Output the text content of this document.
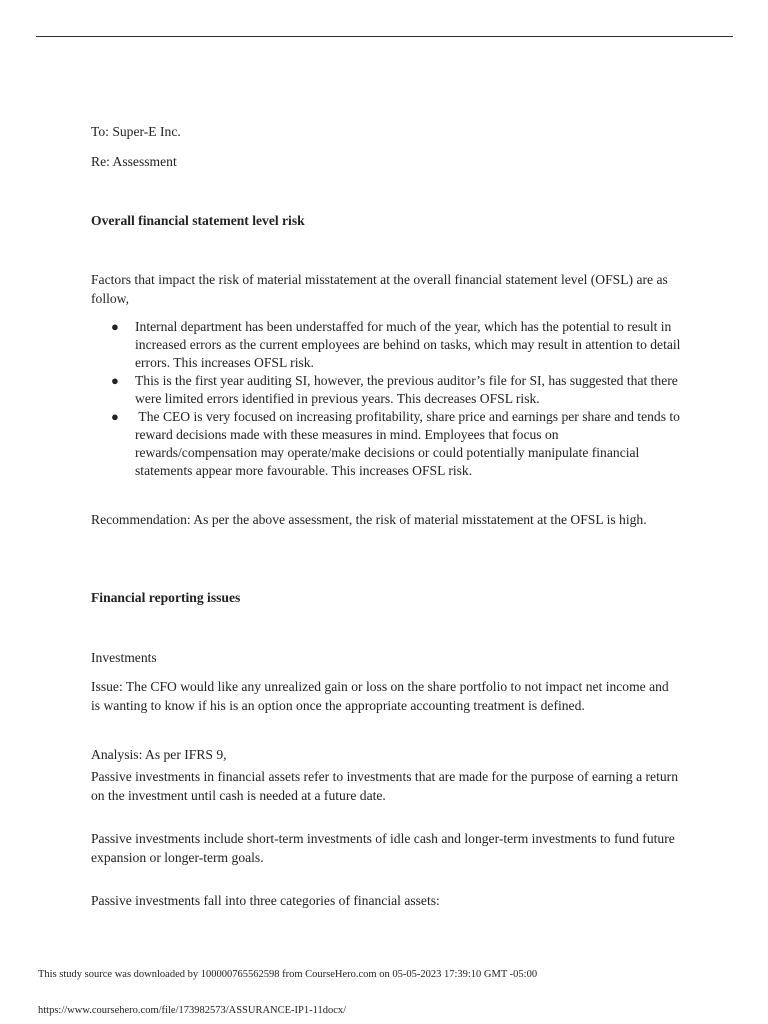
To: Super-E Inc.

Re: Assessment

Overall financial statement level risk

Factors that impact the risk of material misstatement at the overall financial statement level (OFSL) are as follow,

● Internal department has been understaffed for much of the year, which has the potential to result in increased errors as the current employees are behind on tasks, which may result in attention to detail errors. This increases OFSL risk.
● This is the first year auditing SI, however, the previous auditor’s file for SI, has suggested that there were limited errors identified in previous years. This decreases OFSL risk.
● The CEO is very focused on increasing profitability, share price and earnings per share and tends to reward decisions made with these measures in mind. Employees that focus on rewards/compensation may operate/make decisions or could potentially manipulate financial statements appear more favourable. This increases OFSL risk.

Recommendation: As per the above assessment, the risk of material misstatement at the OFSL is high.

Financial reporting issues

Investments

Issue: The CFO would like any unrealized gain or loss on the share portfolio to not impact net income and is wanting to know if his is an option once the appropriate accounting treatment is defined.

Analysis: As per IFRS 9,

Passive investments in financial assets refer to investments that are made for the purpose of earning a return on the investment until cash is needed at a future date.

Passive investments include short-term investments of idle cash and longer-term investments to fund future expansion or longer-term goals.

Passive investments fall into three categories of financial assets:

This study source was downloaded by 100000765562598 from CourseHero.com on 05-05-2023 17:39:10 GMT -05:00
https://www.coursehero.com/file/173982573/ASSURANCE-IP1-11docx/
